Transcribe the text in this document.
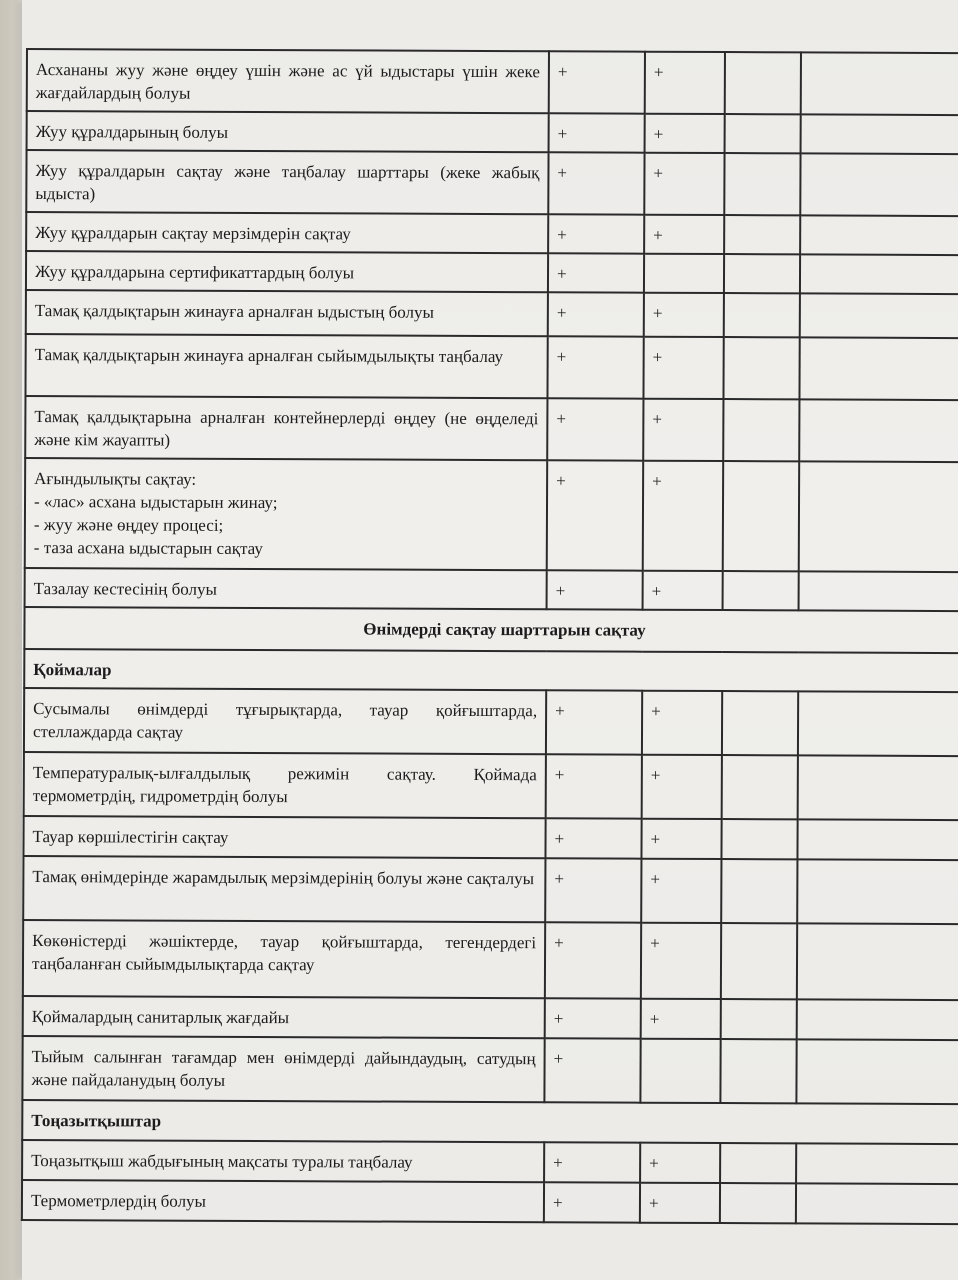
Асхананы жуу және өңдеу үшін және ас үй ыдыстары үшін жеке жағдайлардың болуы	+	+		
Жуу құралдарының болуы	+	+		
Жуу құралдарын сақтау және таңбалау шарттары (жеке жабық ыдыста)	+	+		
Жуу құралдарын сақтау мерзімдерін сақтау	+	+		
Жуу құралдарына сертификаттардың болуы	+			
Тамақ қалдықтарын жинауға арналған ыдыстың болуы	+	+		
Тамақ қалдықтарын жинауға арналған сыйымдылықты таңбалау	+	+		
Тамақ қалдықтарына арналған контейнерлерді өңдеу (не өңделеді және кім жауапты)	+	+		

Ағындылықты сақтау:
- «лас» асхана ыдыстарын жинау;
- жуу және өңдеу процесі;
- таза асхана ыдыстарын сақтау	+	+		
Тазалау кестесінің болуы	+	+		
Өнімдерді сақтау шарттарын сақтау				
Қоймалар				
Сусымалы өнімдерді тұғырықтарда, тауар қойғыштарда, стеллаждарда сақтау	+	+		
Температуралық-ылғалдылық режимін сақтау. Қоймада термометрдің, гидрометрдің болуы	+	+		
Тауар көршілестігін сақтау	+	+		
Тамақ өнімдерінде жарамдылық мерзімдерінің болуы және сақталуы	+	+		
Көкөністерді жәшіктерде, тауар қойғыштарда, тегендердегі таңбаланған сыйымдылықтарда сақтау	+	+		
Қоймалардың санитарлық жағдайы	+	+		
Тыйым салынған тағамдар мен өнімдерді дайындаудың, сатудың және пайдаланудың болуы	+			
Тоңазытқыштар				
Тоңазытқыш жабдығының мақсаты туралы таңбалау	+	+		
Термометрлердің болуы	+	+		
